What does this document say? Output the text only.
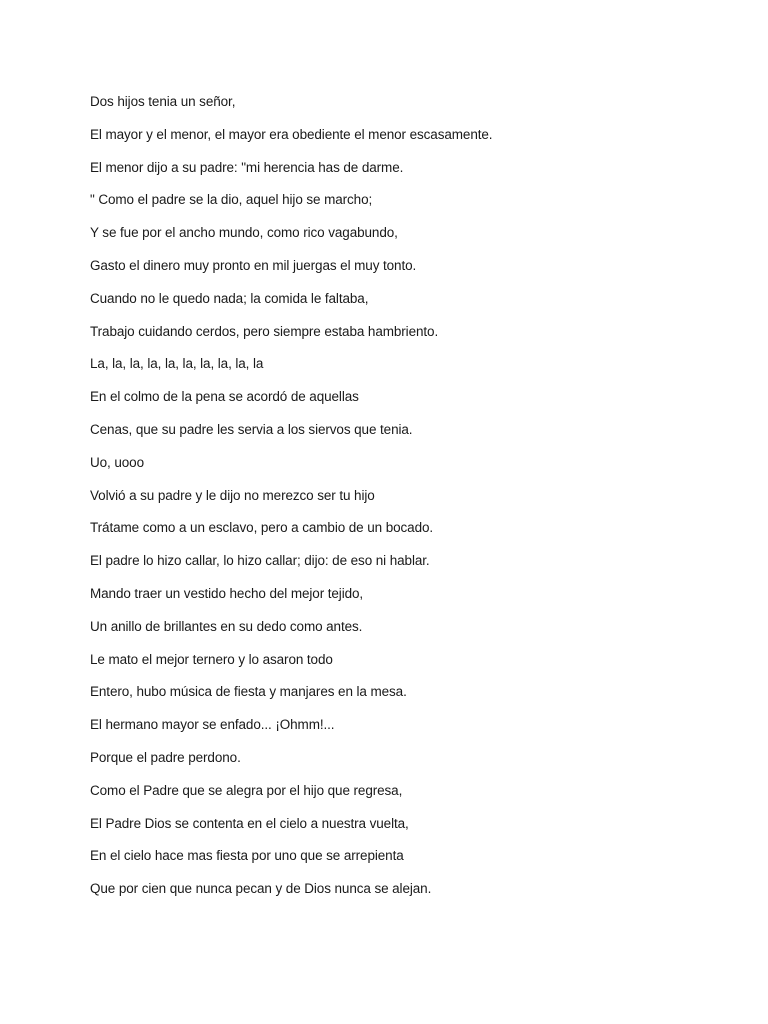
Dos hijos tenia un señor,
El mayor y el menor, el mayor era obediente el menor escasamente.
El menor dijo a su padre: "mi herencia has de darme.
" Como el padre se la dio, aquel hijo se marcho;
Y se fue por el ancho mundo, como rico vagabundo,
Gasto el dinero muy pronto en mil juergas el muy tonto.
Cuando no le quedo nada; la comida le faltaba,
Trabajo cuidando cerdos, pero siempre estaba hambriento.
La, la, la, la, la, la, la, la, la, la
En el colmo de la pena se acordó de aquellas
Cenas, que su padre les servia a los siervos que tenia.
Uo, uooo
Volvió a su padre y le dijo no merezco ser tu hijo
Trátame como a un esclavo, pero a cambio de un bocado.
El padre lo hizo callar, lo hizo callar; dijo: de eso ni hablar.
Mando traer un vestido hecho del mejor tejido,
Un anillo de brillantes en su dedo como antes.
Le mato el mejor ternero y lo asaron todo
Entero, hubo música de fiesta y manjares en la mesa.
El hermano mayor se enfado... ¡Ohmm!...
Porque el padre perdono.
Como el Padre que se alegra por el hijo que regresa,
El Padre Dios se contenta en el cielo a nuestra vuelta,
En el cielo hace mas fiesta por uno que se arrepienta
Que por cien que nunca pecan y de Dios nunca se alejan.
